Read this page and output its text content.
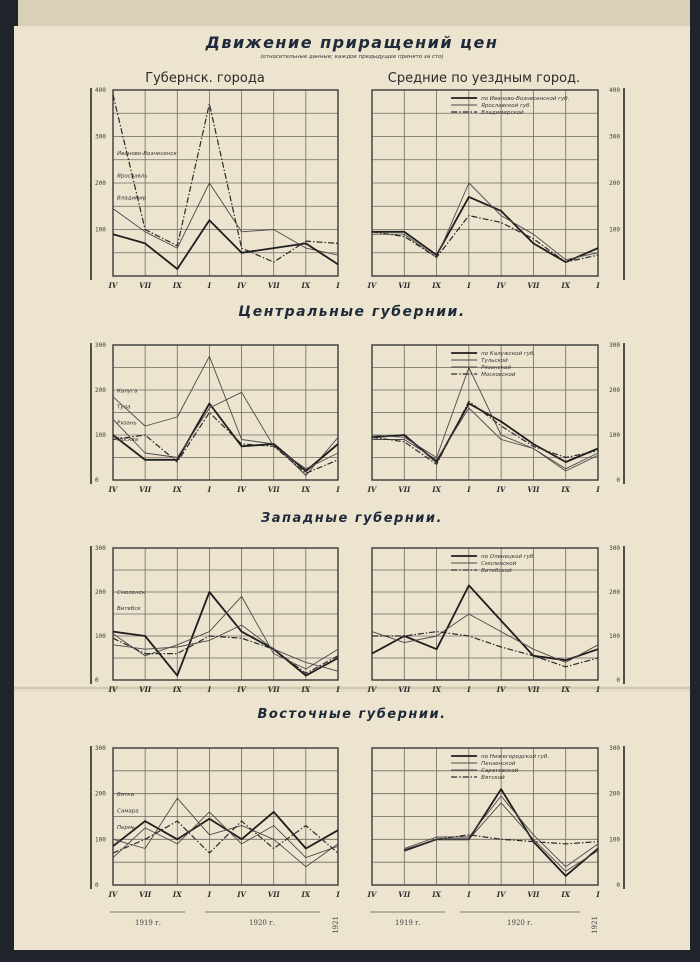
Движение приращений цен
(относительные данные; каждое предыдущее принято за сто)
Губернск. города	Средние по уездным город.
Центральные губернии.
Западные губернии.
Восточные губернии.
1919 г.	1920 г.	1921	1919 г.	1920 г.	1921
400
300
200
100
IV	VII	IX	I	IV	VII	IX	I
Иваново-Вознесенск
Ярославль
Владимир
400
300
200
100
IV	VII	IX	I	IV	VII	IX	I
по Иваново-Вознесенской губ.
Ярославской губ.
Владимирской
300
200
100
0
IV	VII	IX	I	IV	VII	IX	I
Калуга
Тула
Рязань
Москва
300
200
100
0
IV	VII	IX	I	IV	VII	IX	I
по Калужской губ.
Тульской
Рязанской
Московской
300
200
100
0
IV	VII	IX	I	IV	VII	IX	I
Смоленск
Витебск
300
200
100
0
IV	VII	IX	I	IV	VII	IX	I
по Оленецкой губ.
Смоленской
Витебской
300
200
100
0
IV	VII	IX	I	IV	VII	IX	I
Вятка
Самара
Пермь
300
200
100
0
IV	VII	IX	I	IV	VII	IX	I
по Нижегородской губ.
Пензенской
Саратовской
Вятской
